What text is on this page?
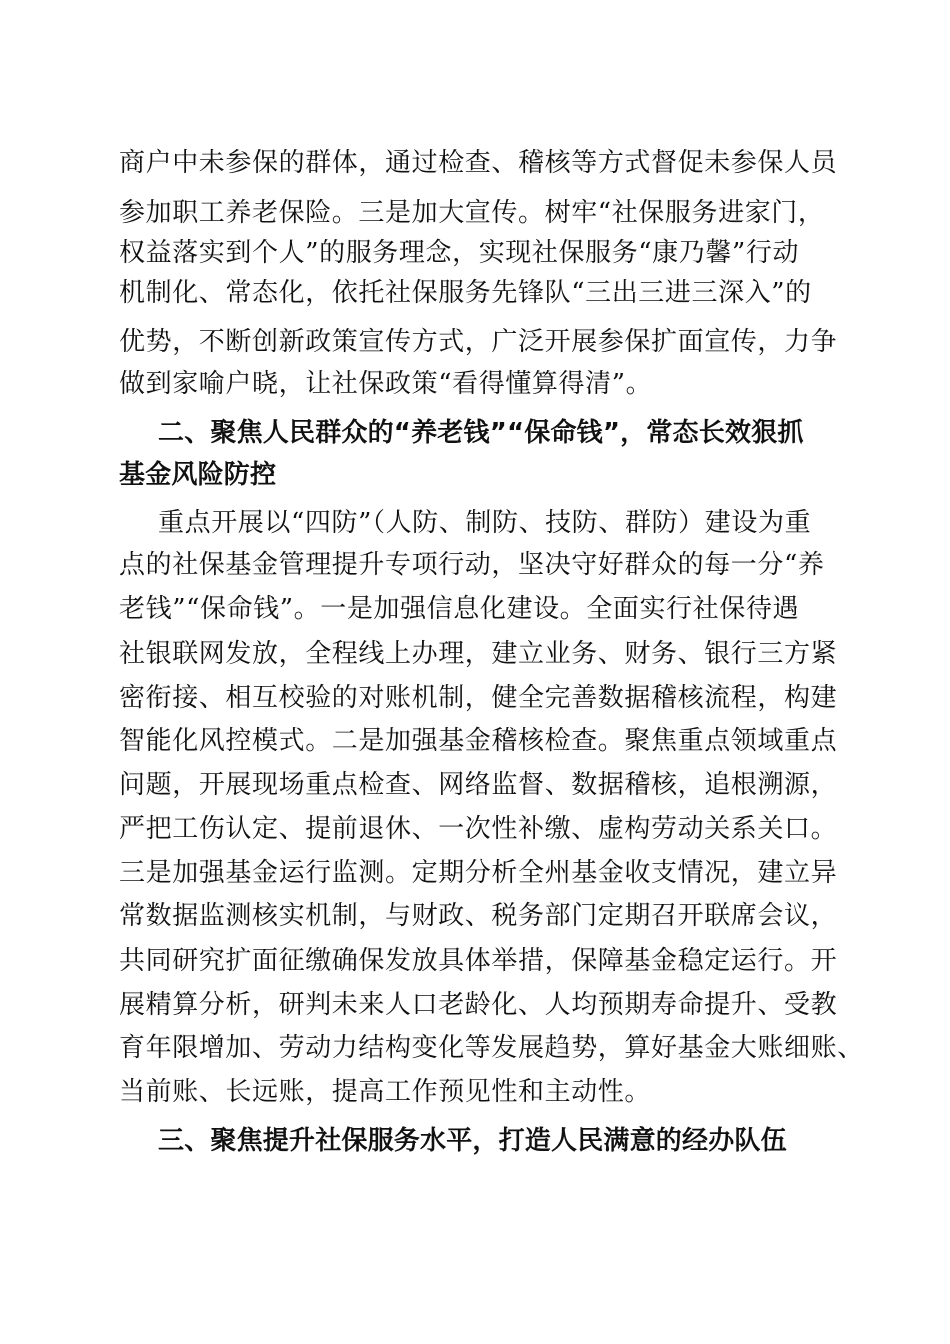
商户中未参保的群体，通过检查、稽核等方式督促未参保人员
参加职工养老保险。三是加大宣传。树牢“社保服务进家门，
权益落实到个人”的服务理念，实现社保服务“康乃馨”行动
机制化、常态化，依托社保服务先锋队“三出三进三深入”的
优势，不断创新政策宣传方式，广泛开展参保扩面宣传，力争
做到家喻户晓，让社保政策“看得懂算得清”。
二、聚焦人民群众的“养老钱”“保命钱”，常态长效狠抓
基金风险防控
重点开展以“四防”（人防、制防、技防、群防）建设为重
点的社保基金管理提升专项行动，坚决守好群众的每一分“养
老钱”“保命钱”。一是加强信息化建设。全面实行社保待遇
社银联网发放，全程线上办理，建立业务、财务、银行三方紧
密衔接、相互校验的对账机制，健全完善数据稽核流程，构建
智能化风控模式。二是加强基金稽核检查。聚焦重点领域重点
问题，开展现场重点检查、网络监督、数据稽核，追根溯源，
严把工伤认定、提前退休、一次性补缴、虚构劳动关系关口。
三是加强基金运行监测。定期分析全州基金收支情况，建立异
常数据监测核实机制，与财政、税务部门定期召开联席会议，
共同研究扩面征缴确保发放具体举措，保障基金稳定运行。开
展精算分析，研判未来人口老龄化、人均预期寿命提升、受教
育年限增加、劳动力结构变化等发展趋势，算好基金大账细账、
当前账、长远账，提高工作预见性和主动性。
三、聚焦提升社保服务水平，打造人民满意的经办队伍
